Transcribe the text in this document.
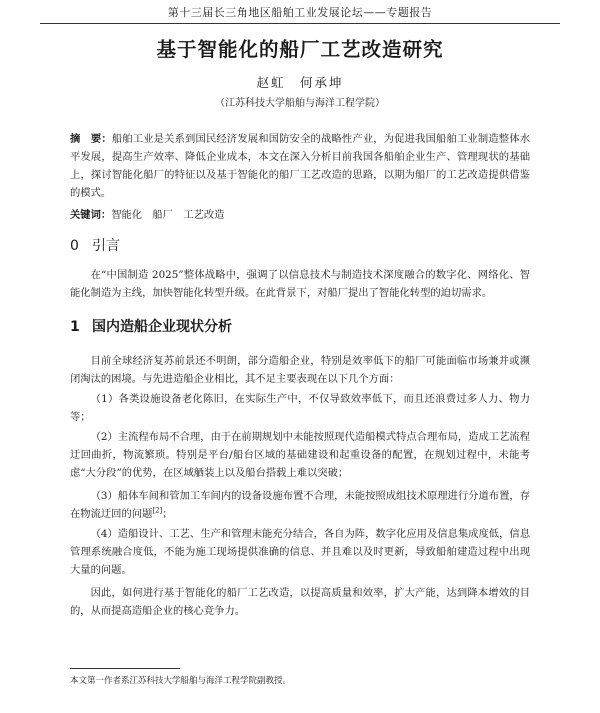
第十三届长三角地区船舶工业发展论坛——专题报告
基于智能化的船厂工艺改造研究
赵虹　何承坤
（江苏科技大学船舶与海洋工程学院）
摘　要：船舶工业是关系到国民经济发展和国防安全的战略性产业，为促进我国船舶工业制造整体水平发展，提高生产效率、降低企业成本，本文在深入分析目前我国各船舶企业生产、管理现状的基础上，探讨智能化船厂的特征以及基于智能化的船厂工艺改造的思路，以期为船厂的工艺改造提供借鉴的模式。
关键词：智能化　船厂　工艺改造
0 引言

在“中国制造 2025”整体战略中，强调了以信息技术与制造技术深度融合的数字化、网络化、智能化制造为主线，加快智能化转型升级。在此背景下，对船厂提出了智能化转型的迫切需求。

1 国内造船企业现状分析

目前全球经济复苏前景还不明朗，部分造船企业，特别是效率低下的船厂可能面临市场兼并或濒闭淘汰的困境。与先进造船企业相比，其不足主要表现在以下几个方面：

（1）各类设施设备老化陈旧，在实际生产中，不仅导致效率低下，而且还浪费过多人力、物力等；

（2）主流程布局不合理，由于在前期规划中未能按照现代造船模式特点合理布局，造成工艺流程迂回曲折，物流繁琐。特别是平台/船台区域的基础建设和起重设备的配置，在规划过程中，未能考虑“大分段”的优势，在区域舾装上以及船台搭载上难以突破；

（3）船体车间和管加工车间内的设备设施布置不合理，未能按照成组技术原理进行分道布置，存在物流迂回的问题[2]；

（4）造船设计、工艺、生产和管理未能充分结合，各自为阵，数字化应用及信息集成度低，信息管理系统融合度低，不能为施工现场提供准确的信息、并且难以及时更新，导致船舶建造过程中出现大量的问题。

因此，如何进行基于智能化的船厂工艺改造，以提高质量和效率，扩大产能，达到降本增效的目的，从而提高造船企业的核心竞争力。

本文第一作者系江苏科技大学船舶与海洋工程学院副教授。
